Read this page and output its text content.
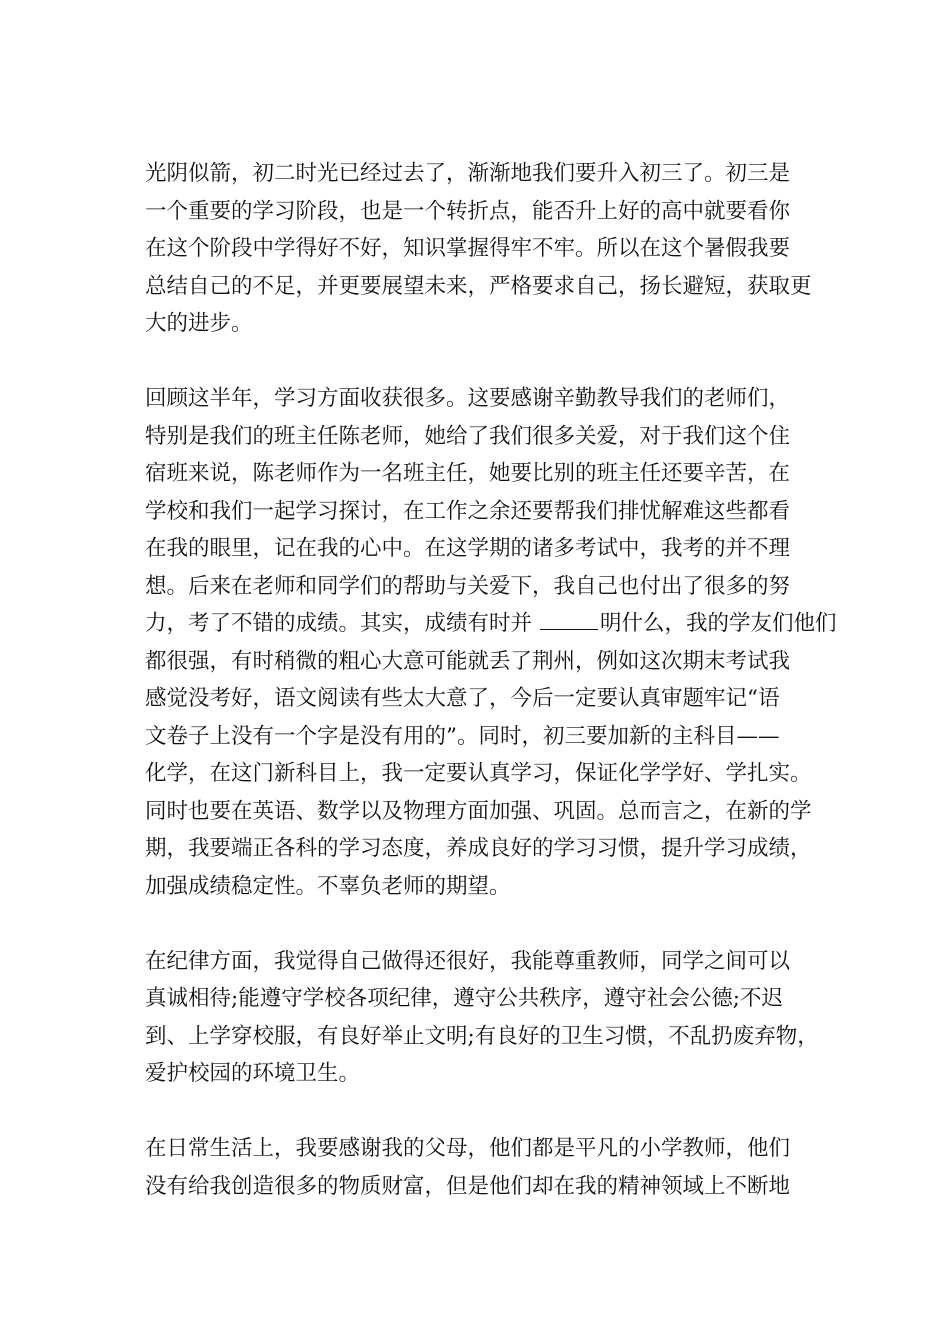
光阴似箭，初二时光已经过去了，渐渐地我们要升入初三了。初三是
一个重要的学习阶段，也是一个转折点，能否升上好的高中就要看你
在这个阶段中学得好不好，知识掌握得牢不牢。所以在这个暑假我要
总结自己的不足，并更要展望未来，严格要求自己，扬长避短，获取更
大的进步。

回顾这半年，学习方面收获很多。这要感谢辛勤教导我们的老师们，
特别是我们的班主任陈老师，她给了我们很多关爱，对于我们这个住
宿班来说，陈老师作为一名班主任，她要比别的班主任还要辛苦，在
学校和我们一起学习探讨，在工作之余还要帮我们排忧解难这些都看
在我的眼里，记在我的心中。在这学期的诸多考试中，我考的并不理
想。后来在老师和同学们的帮助与关爱下，我自己也付出了很多的努
力，考了不错的成绩。其实，成绩有时并	明什么，我的学友们他们
都很强，有时稍微的粗心大意可能就丢了荆州，例如这次期末考试我
感觉没考好，语文阅读有些太大意了，今后一定要认真审题牢记“语
文卷子上没有一个字是没有用的”。同时，初三要加新的主科目——
化学，在这门新科目上，我一定要认真学习，保证化学学好、学扎实。
同时也要在英语、数学以及物理方面加强、巩固。总而言之，在新的学
期，我要端正各科的学习态度，养成良好的学习习惯，提升学习成绩，
加强成绩稳定性。不辜负老师的期望。

在纪律方面，我觉得自己做得还很好，我能尊重教师，同学之间可以
真诚相待;能遵守学校各项纪律，遵守公共秩序，遵守社会公德;不迟
到、上学穿校服，有良好举止文明;有良好的卫生习惯，不乱扔废弃物，
爱护校园的环境卫生。

在日常生活上，我要感谢我的父母，他们都是平凡的小学教师，他们
没有给我创造很多的物质财富，但是他们却在我的精神领域上不断地
